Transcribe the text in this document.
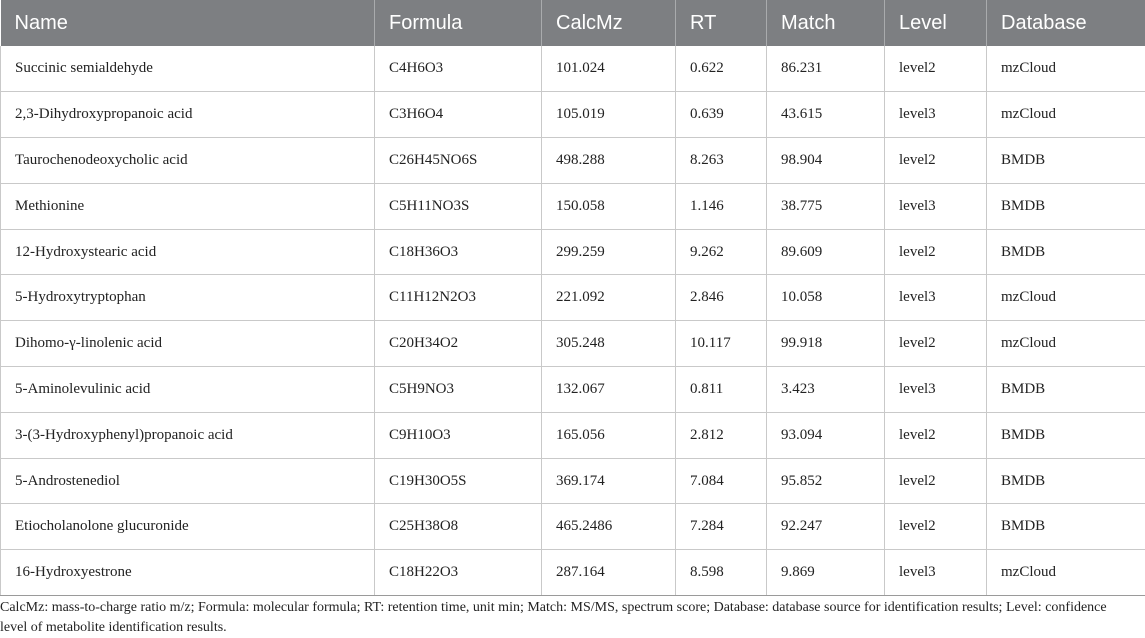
Name	Formula	CalcMz	RT	Match	Level	Database
Succinic semialdehyde	C4H6O3	101.024	0.622	86.231	level2	mzCloud
2,3-Dihydroxypropanoic acid	C3H6O4	105.019	0.639	43.615	level3	mzCloud
Taurochenodeoxycholic acid	C26H45NO6S	498.288	8.263	98.904	level2	BMDB
Methionine	C5H11NO3S	150.058	1.146	38.775	level3	BMDB
12-Hydroxystearic acid	C18H36O3	299.259	9.262	89.609	level2	BMDB
5-Hydroxytryptophan	C11H12N2O3	221.092	2.846	10.058	level3	mzCloud
Dihomo-γ-linolenic acid	C20H34O2	305.248	10.117	99.918	level2	mzCloud
5-Aminolevulinic acid	C5H9NO3	132.067	0.811	3.423	level3	BMDB
3-(3-Hydroxyphenyl)propanoic acid	C9H10O3	165.056	2.812	93.094	level2	BMDB
5-Androstenediol	C19H30O5S	369.174	7.084	95.852	level2	BMDB
Etiocholanolone glucuronide	C25H38O8	465.2486	7.284	92.247	level2	BMDB
16-Hydroxyestrone	C18H22O3	287.164	8.598	9.869	level3	mzCloud

CalcMz: mass-to-charge ratio m/z; Formula: molecular formula; RT: retention time, unit min; Match: MS/MS, spectrum score; Database: database source for identification results; Level: confidence level of metabolite identification results.
